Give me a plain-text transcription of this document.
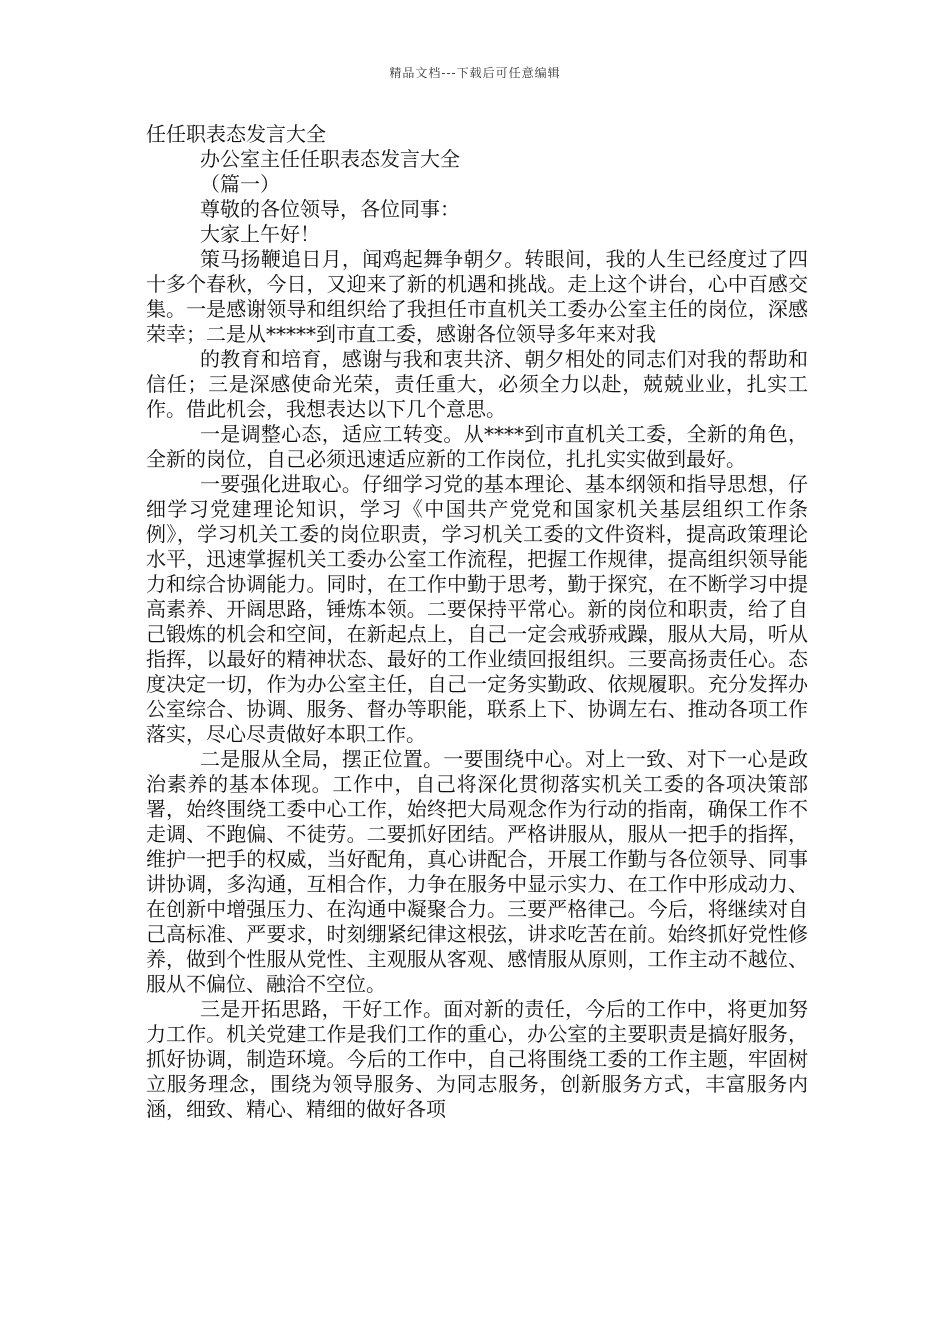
精品文档---下载后可任意编辑
任任职表态发言大全
办公室主任任职表态发言大全
（篇一）
尊敬的各位领导，各位同事：
大家上午好！

策马扬鞭追日月，闻鸡起舞争朝夕。转眼间，我的人生已经度过了四十多个春秋，今日，又迎来了新的机遇和挑战。走上这个讲台，心中百感交集。一是感谢领导和组织给了我担任市直机关工委办公室主任的岗位，深感荣幸；二是从*****到市直工委，感谢各位领导多年来对我

的教育和培育，感谢与我和衷共济、朝夕相处的同志们对我的帮助和信任；三是深感使命光荣，责任重大，必须全力以赴，兢兢业业，扎实工作。借此机会，我想表达以下几个意思。

一是调整心态，适应工转变。从****到市直机关工委，全新的角色，全新的岗位，自己必须迅速适应新的工作岗位，扎扎实实做到最好。

一要强化进取心。仔细学习党的基本理论、基本纲领和指导思想，仔细学习党建理论知识，学习《中国共产党党和国家机关基层组织工作条例》，学习机关工委的岗位职责，学习机关工委的文件资料，提高政策理论水平，迅速掌握机关工委办公室工作流程，把握工作规律，提高组织领导能力和综合协调能力。同时，在工作中勤于思考，勤于探究，在不断学习中提高素养、开阔思路，锤炼本领。二要保持平常心。新的岗位和职责，给了自己锻炼的机会和空间，在新起点上，自己一定会戒骄戒躁，服从大局，听从指挥，以最好的精神状态、最好的工作业绩回报组织。三要高扬责任心。态度决定一切，作为办公室主任，自己一定务实勤政、依规履职。充分发挥办公室综合、协调、服务、督办等职能，联系上下、协调左右、推动各项工作落实，尽心尽责做好本职工作。

二是服从全局，摆正位置。一要围绕中心。对上一致、对下一心是政治素养的基本体现。工作中，自己将深化贯彻落实机关工委的各项决策部署，始终围绕工委中心工作，始终把大局观念作为行动的指南，确保工作不走调、不跑偏、不徒劳。二要抓好团结。严格讲服从，服从一把手的指挥，维护一把手的权威，当好配角，真心讲配合，开展工作勤与各位领导、同事讲协调，多沟通，互相合作，力争在服务中显示实力、在工作中形成动力、在创新中增强压力、在沟通中凝聚合力。三要严格律己。今后，将继续对自己高标准、严要求，时刻绷紧纪律这根弦，讲求吃苦在前。始终抓好党性修养，做到个性服从党性、主观服从客观、感情服从原则，工作主动不越位、服从不偏位、融洽不空位。

三是开拓思路，干好工作。面对新的责任，今后的工作中，将更加努力工作。机关党建工作是我们工作的重心，办公室的主要职责是搞好服务，抓好协调，制造环境。今后的工作中，自己将围绕工委的工作主题，牢固树立服务理念，围绕为领导服务、为同志服务，创新服务方式，丰富服务内涵，细致、精心、精细的做好各项
